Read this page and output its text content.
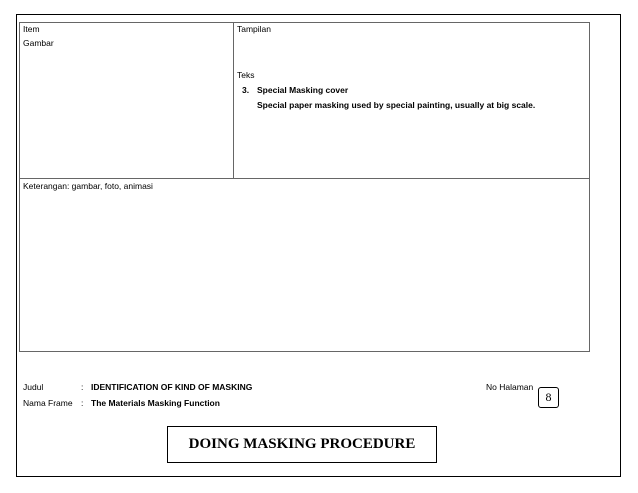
Item
Gambar
Tampilan
Teks
3. Special Masking cover
Special paper masking used by special painting, usually at big scale.
Keterangan: gambar, foto, animasi
Judul	: IDENTIFICATION OF KIND OF MASKING
Nama Frame : The Materials Masking Function
No Halaman
8
DOING MASKING PROCEDURE
